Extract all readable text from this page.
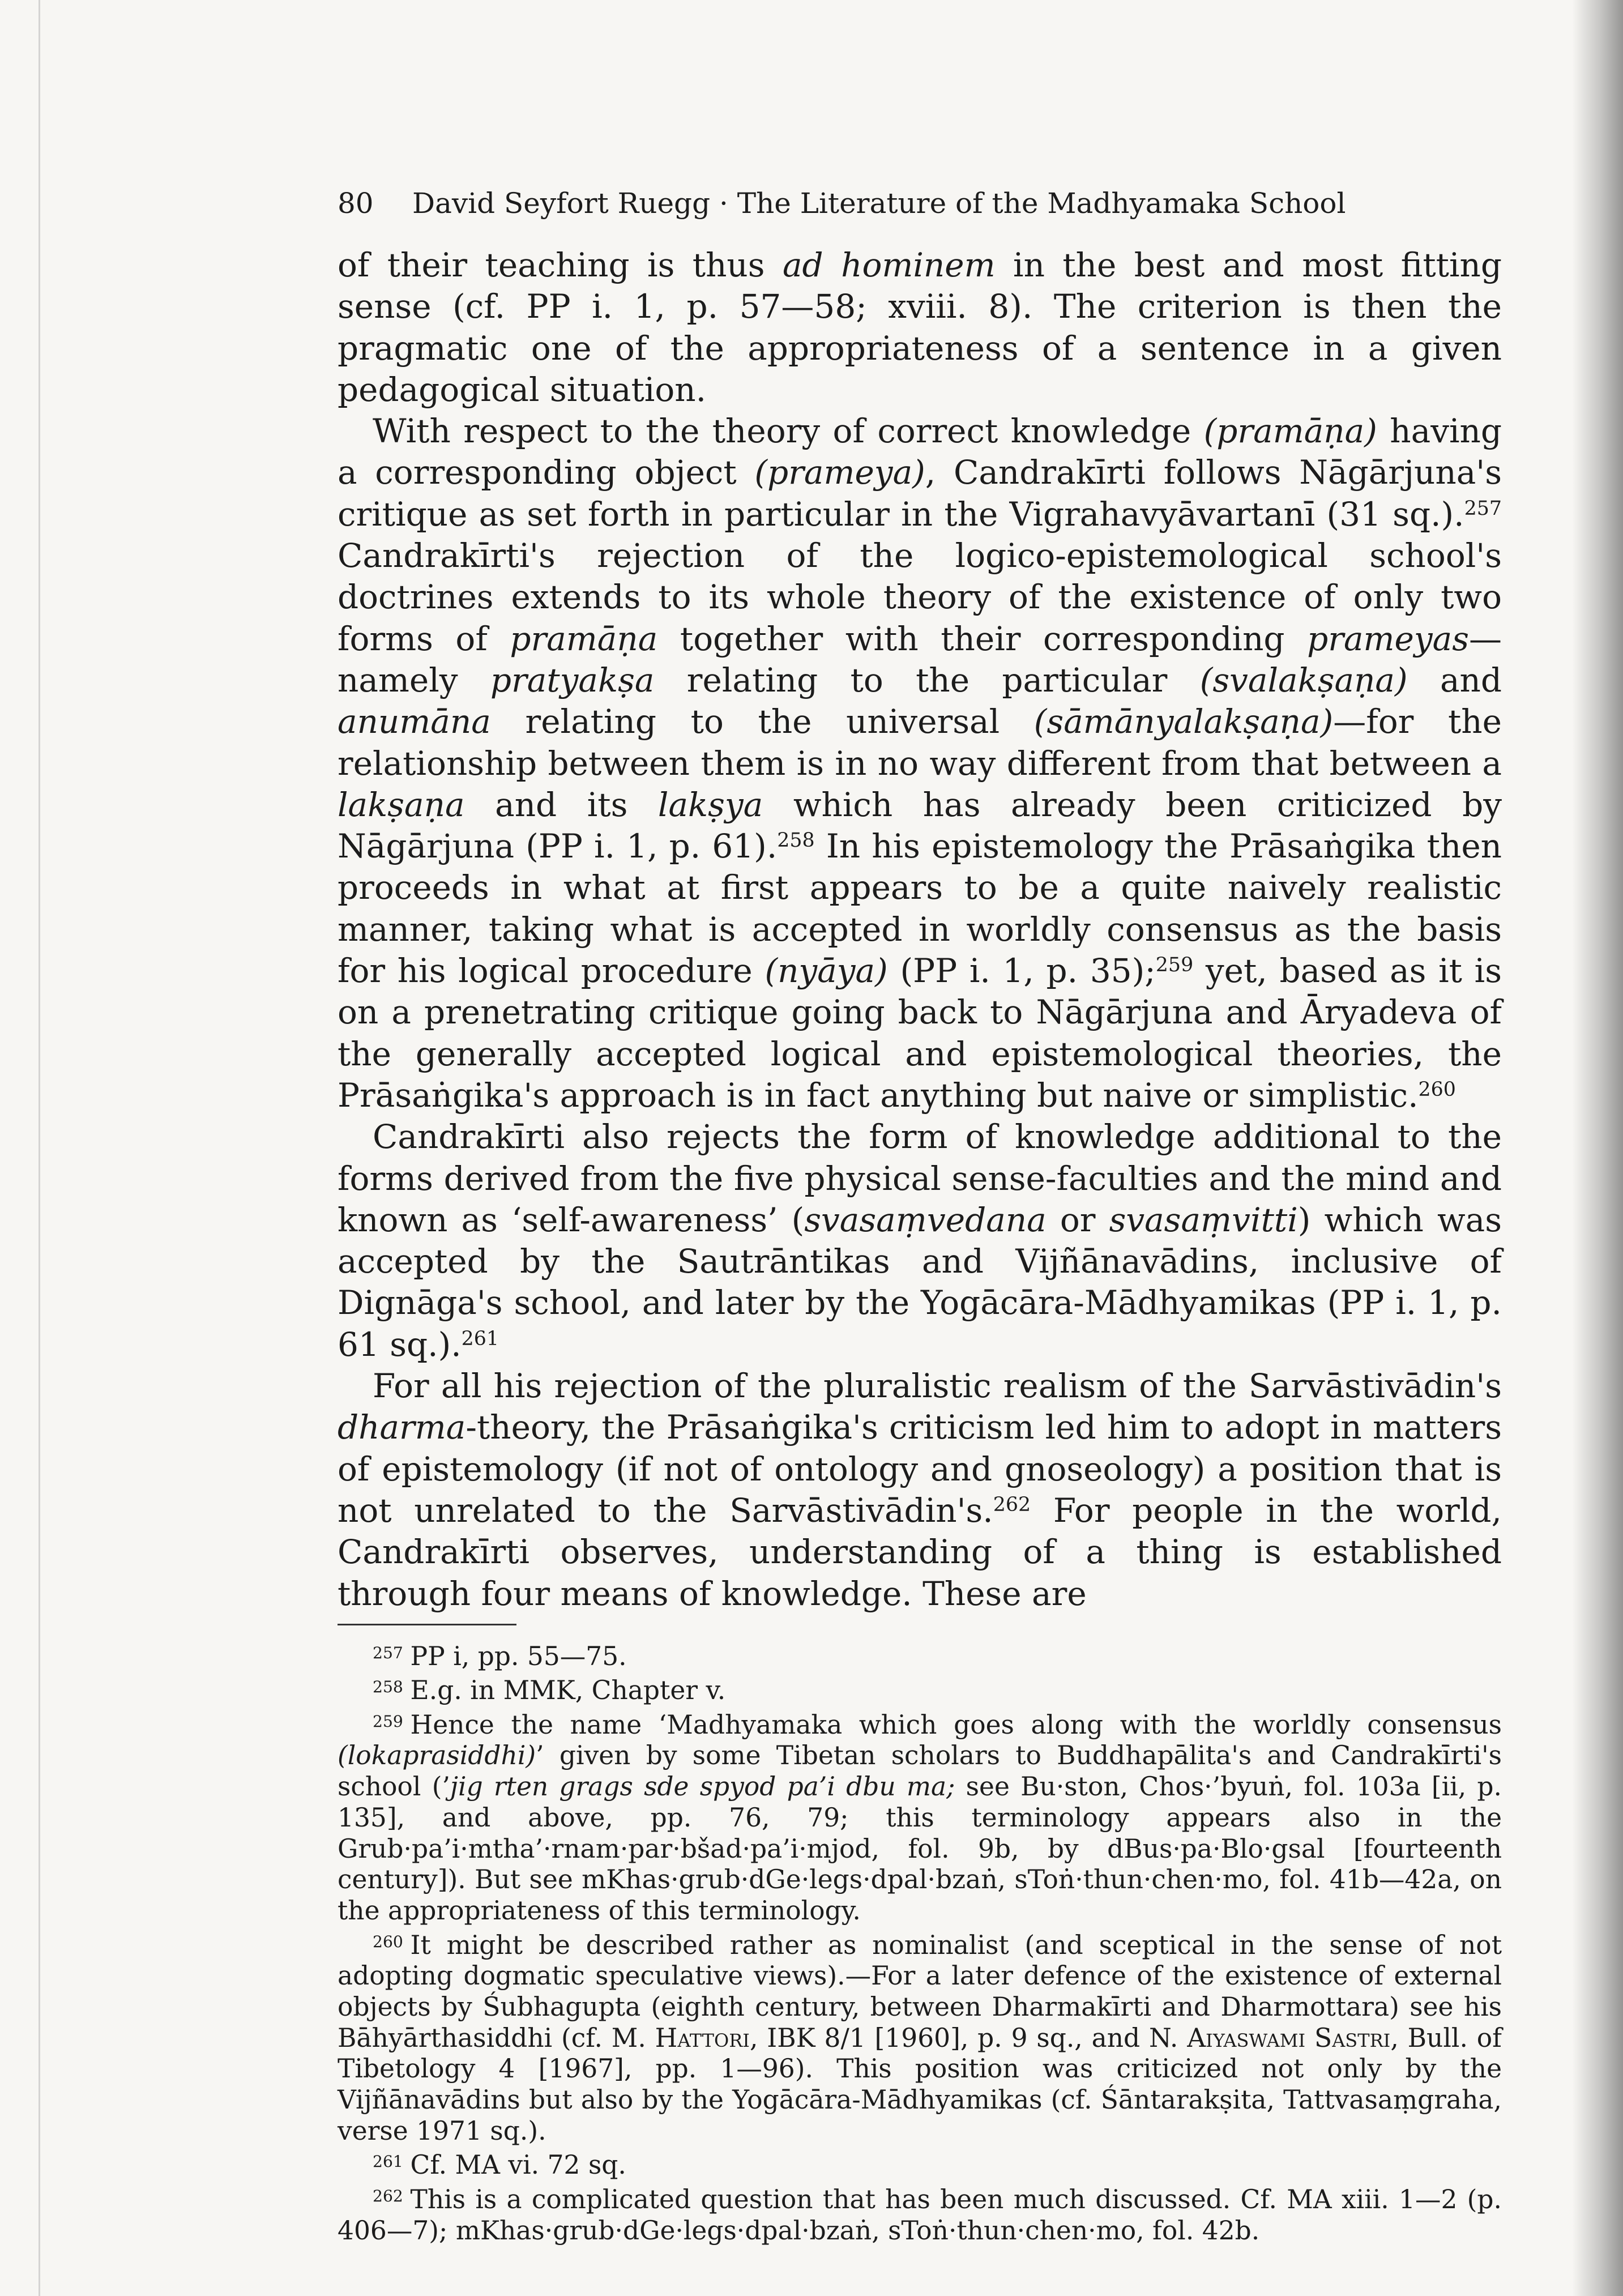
80	David Seyfort Ruegg · The Literature of the Madhyamaka School

of their teaching is thus ad hominem in the best and most fitting sense (cf. PP i. 1, p. 57—58; xviii. 8). The criterion is then the pragmatic one of the appropriateness of a sentence in a given pedagogical situation.

With respect to the theory of correct knowledge (pramāṇa) having a corresponding object (prameya), Candrakīrti follows Nāgārjuna's critique as set forth in particular in the Vigrahavyāvartanī (31 sq.).$^{257}$ Candrakīrti's rejection of the logico-epistemological school's doctrines extends to its whole theory of the existence of only two forms of pramāṇa together with their corresponding prameyas—namely pratyakṣa relating to the particular (svalakṣaṇa) and anumāna relating to the universal (sāmānyalakṣaṇa)—for the relationship between them is in no way different from that between a lakṣaṇa and its lakṣya which has already been criticized by Nāgārjuna (PP i. 1, p. 61).$^{258}$ In his epistemology the Prāsaṅgika then proceeds in what at first appears to be a quite naively realistic manner, taking what is accepted in worldly consensus as the basis for his logical procedure (nyāya) (PP i. 1, p. 35);$^{259}$ yet, based as it is on a prenetrating critique going back to Nāgārjuna and Āryadeva of the generally accepted logical and epistemological theories, the Prāsaṅgika's approach is in fact anything but naive or simplistic.$^{260}$

Candrakīrti also rejects the form of knowledge additional to the forms derived from the five physical sense-faculties and the mind and known as ‘self-awareness’ (svasaṃvedana or svasaṃvitti) which was accepted by the Sautrāntikas and Vijñānavādins, inclusive of Dignāga's school, and later by the Yogācāra-Mādhyamikas (PP i. 1, p. 61 sq.).$^{261}$

For all his rejection of the pluralistic realism of the Sarvāstivādin's dharma-theory, the Prāsaṅgika's criticism led him to adopt in matters of epistemology (if not of ontology and gnoseology) a position that is not unrelated to the Sarvāstivādin's.$^{262}$ For people in the world, Candrakīrti observes, understanding of a thing is established through four means of knowledge. These are

$^{257}$ PP i, pp. 55—75.

$^{258}$ E.g. in MMK, Chapter v.

$^{259}$ Hence the name ‘Madhyamaka which goes along with the worldly consensus (lokaprasiddhi)’ given by some Tibetan scholars to Buddhapālita's and Candrakīrti's school (’jig rten grags sde spyod pa’i dbu ma; see Bu·ston, Chos·’byuṅ, fol. 103a [ii, p. 135], and above, pp. 76, 79; this terminology appears also in the Grub·pa’i·mtha’·rnam·par·bšad·pa’i·mjod, fol. 9b, by dBus·pa·Blo·gsal [fourteenth century]). But see mKhas·grub·dGe·legs·dpal·bzaṅ, sToṅ·thun·chen·mo, fol. 41b—42a, on the appropriateness of this terminology.

$^{260}$ It might be described rather as nominalist (and sceptical in the sense of not adopting dogmatic speculative views).—For a later defence of the existence of external objects by Śubhagupta (eighth century, between Dharmakīrti and Dharmottara) see his Bāhyārthasiddhi (cf. M. Hattori, IBK 8/1 [1960], p. 9 sq., and N. Aiyaswami Sastri, Bull. of Tibetology 4 [1967], pp. 1—96). This position was criticized not only by the Vijñānavādins but also by the Yogācāra-Mādhyamikas (cf. Śāntarakṣita, Tattvasaṃgraha, verse 1971 sq.).

$^{261}$ Cf. MA vi. 72 sq.

$^{262}$ This is a complicated question that has been much discussed. Cf. MA xiii. 1—2 (p. 406—7); mKhas·grub·dGe·legs·dpal·bzaṅ, sToṅ·thun·chen·mo, fol. 42b.
